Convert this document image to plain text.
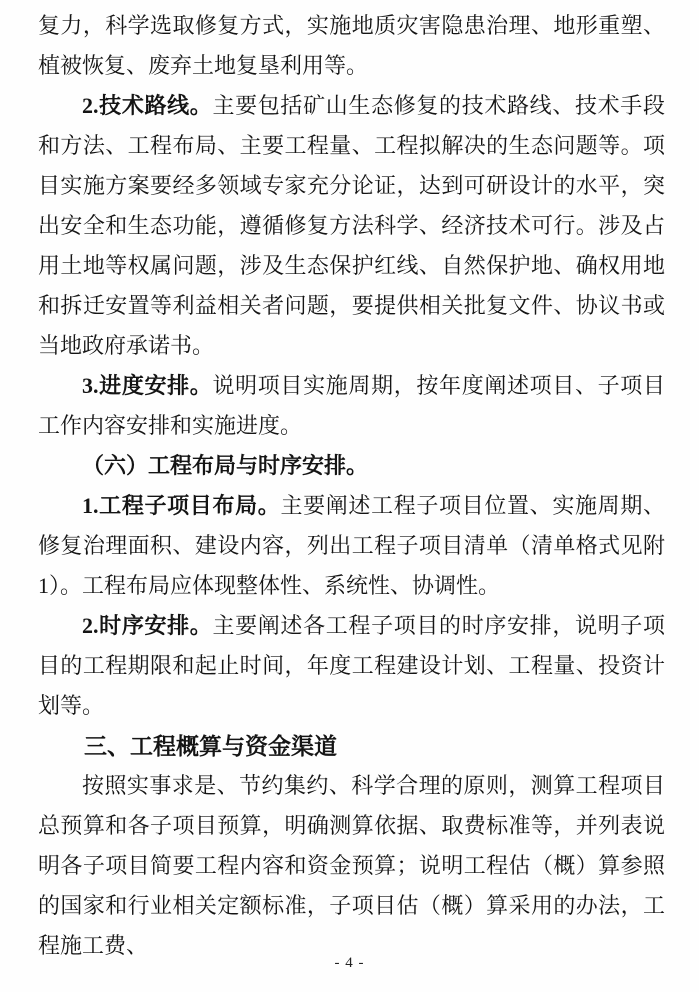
复力，科学选取修复方式，实施地质灾害隐患治理、地形重塑、植被恢复、废弃土地复垦利用等。

2.技术路线。主要包括矿山生态修复的技术路线、技术手段和方法、工程布局、主要工程量、工程拟解决的生态问题等。项目实施方案要经多领域专家充分论证，达到可研设计的水平，突出安全和生态功能，遵循修复方法科学、经济技术可行。涉及占用土地等权属问题，涉及生态保护红线、自然保护地、确权用地和拆迁安置等利益相关者问题，要提供相关批复文件、协议书或当地政府承诺书。

3.进度安排。说明项目实施周期，按年度阐述项目、子项目工作内容安排和实施进度。

（六）工程布局与时序安排。

1.工程子项目布局。主要阐述工程子项目位置、实施周期、修复治理面积、建设内容，列出工程子项目清单（清单格式见附1）。工程布局应体现整体性、系统性、协调性。

2.时序安排。主要阐述各工程子项目的时序安排，说明子项目的工程期限和起止时间，年度工程建设计划、工程量、投资计划等。

三、工程概算与资金渠道

按照实事求是、节约集约、科学合理的原则，测算工程项目总预算和各子项目预算，明确测算依据、取费标准等，并列表说明各子项目简要工程内容和资金预算；说明工程估（概）算参照的国家和行业相关定额标准，子项目估（概）算采用的办法，工程施工费、

- 4 -
